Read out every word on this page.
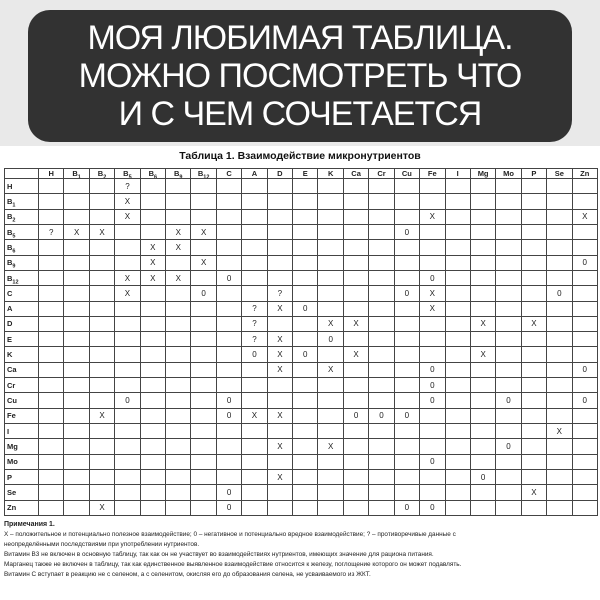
МОЯ ЛЮБИМАЯ ТАБЛИЦА.
МОЖНО ПОСМОТРЕТЬ ЧТО
И С ЧЕМ СОЧЕТАЕТСЯ
Таблица 1. Взаимодействие микронутриентов
	H	$B_1$	$B_2$	$B_5$	$B_6$	$B_9$	$B_{12}$	C	A	D	E	K	Ca	Cr	Cu	Fe	I	Mg	Mo	P	Se	Zn
H				?																		
$B_1$				X																		
$B_2$				X												X						X
$B_5$	?	X	X			X	X								0							
$B_6$					X	X																
$B_9$					X		X															0
$B_{12}$				X	X	X		0								0						
C				X			0			?					0	X					0	
A									?	X	0					X						
D									?			X	X					X		X		
E									?	X		0										
K									0	X	0		X					X				
Ca										X		X				0						0
Cr																0						
Cu				0				0								0			0			0
Fe			X					0	X	X			0	0	0							
I																					X	
Mg										X		X							0			
Mo																0						
P										X								0				
Se								0												X		
Zn			X					0							0	0						
Примечания 1.
X – положительное и потенциально полезное взаимодействие; 0 – негативное и потенциально вредное взаимодействие; ? – противоречивые данные с
неопределёнными последствиями при употреблении нутриентов.
Витамин B3 не включен в основную таблицу, так как он не участвует во взаимодействиях нутриентов, имеющих значение для рациона питания.
Марганец также не включен в таблицу, так как единственное выявленное взаимодействие относится к железу, поглощение которого он может подавлять.
Витамин С вступает в реакцию не с селеном, а с селенитом, окисляя его до образования селена, не усваиваемого из ЖКТ.
